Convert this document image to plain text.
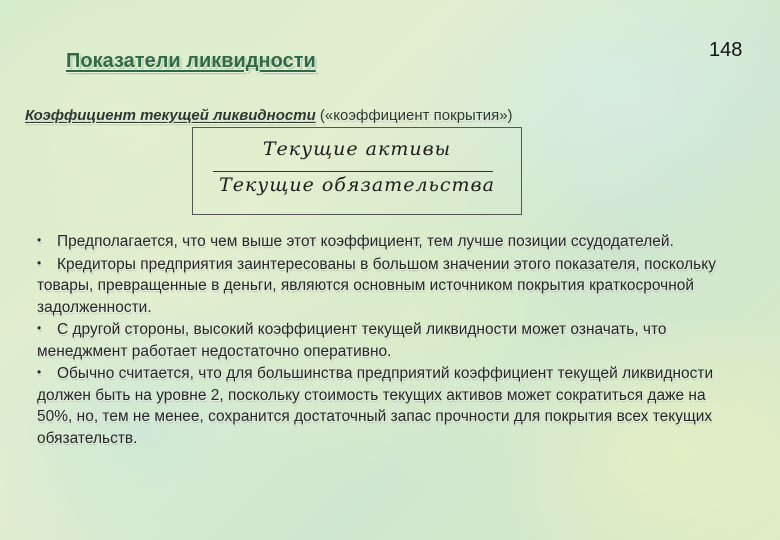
148
Показатели ликвидности
Коэффициент текущей ликвидности («коэффициент покрытия»)
Текущие активы
Текущие обязательства
• Предполагается, что чем выше этот коэффициент, тем лучше позиции ссудодателей.
• Кредиторы предприятия заинтересованы в большом значении этого показателя, поскольку товары, превращенные в деньги, являются основным источником покрытия краткосрочной задолженности.
• С другой стороны, высокий коэффициент текущей ликвидности может означать, что менеджмент работает недостаточно оперативно.
• Обычно считается, что для большинства предприятий коэффициент текущей ликвидности должен быть на уровне 2, поскольку стоимость текущих активов может сократиться даже на 50%, но, тем не менее, сохранится достаточный запас прочности для покрытия всех текущих обязательств.
